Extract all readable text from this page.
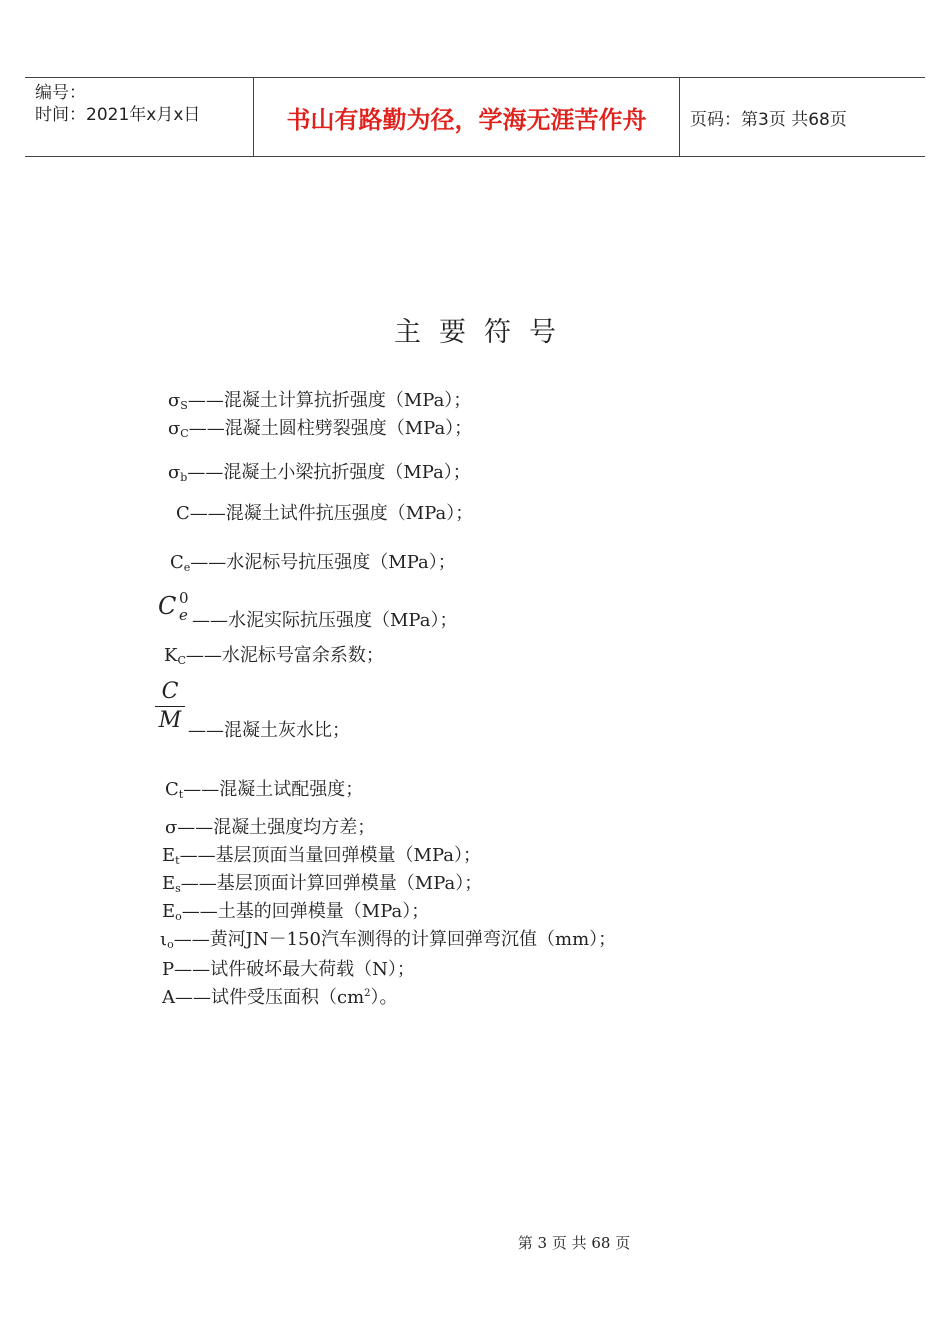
编号：
时间：2021年x月x日	书山有路勤为径，学海无涯苦作舟	页码：第3页 共68页
主要符号
$\sigma_S——$混凝土计算抗折强度（MPa）；
$\sigma_C——$混凝土圆柱劈裂强度（MPa）；
$\sigma_b——$混凝土小梁抗折强度（MPa）；
C——混凝土试件抗压强度（MPa）；
$C_e——$水泥标号抗压强度（MPa）；
C 0
e ——水泥实际抗压强度（MPa）；
$K_C——$水泥标号富余系数；
C
M ——混凝土灰水比；
$C_t——$混凝土试配强度；
σ——混凝土强度均方差；
$E_t——$基层顶面当量回弹模量（MPa）；
$E_s——$基层顶面计算回弹模量（MPa）；
$E_o——$土基的回弹模量（MPa）；
$\iota_o——$黄河JN－150汽车测得的计算回弹弯沉值（mm）；
P——试件破坏最大荷载（N）；
A——试件受压面积$(cm^2)$。
第 3 页 共 68 页
